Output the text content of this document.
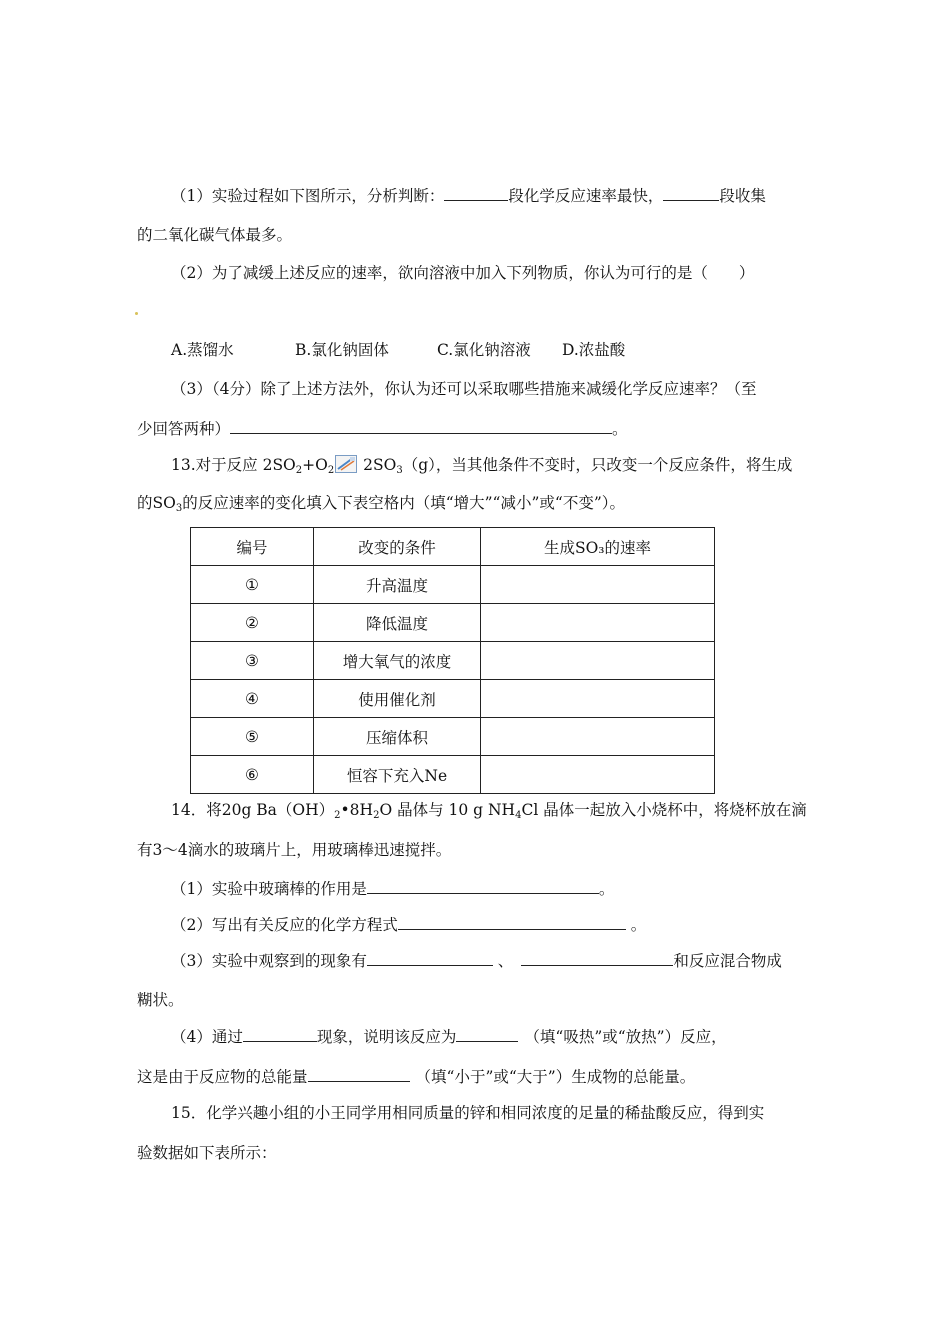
（1）实验过程如下图所示，分析判断：	段化学反应速率最快，	段收集
的二氧化碳气体最多。
（2）为了减缓上述反应的速率，欲向溶液中加入下列物质，你认为可行的是（　　）
A.蒸馏水	B.氯化钠固体	C.氯化钠溶液 D.浓盐酸
（3）（4分）除了上述方法外，你认为还可以采取哪些措施来减缓化学反应速率？（至
少回答两种）	。
13.对于反应 $2SO_2+O_2$ $2SO_3(g)$，当其他条件不变时，只改变一个反应条件，将生成
的$SO_3$的反应速率的变化填入下表空格内（填“增大”“减小”或“不变”）。
编号	改变的条件	生成SO₃的速率
①	升高温度	
②	降低温度	
③	增大氧气的浓度	
④	使用催化剂	
⑤	压缩体积	
⑥	恒容下充入Ne	
14．将20g $Ba(OH)_2•8H_2O$ 晶体与 10 g $NH_4Cl$ 晶体一起放入小烧杯中，将烧杯放在滴
有3～4滴水的玻璃片上，用玻璃棒迅速搅拌。
（1）实验中玻璃棒的作用是	。
（2）写出有关反应的化学方程式	。
（3）实验中观察到的现象有	、	和反应混合物成
糊状。
（4）通过	现象，说明该反应为	（填“吸热”或“放热”）反应，
这是由于反应物的总能量	（填“小于”或“大于”）生成物的总能量。
15．化学兴趣小组的小王同学用相同质量的锌和相同浓度的足量的稀盐酸反应，得到实
验数据如下表所示：
